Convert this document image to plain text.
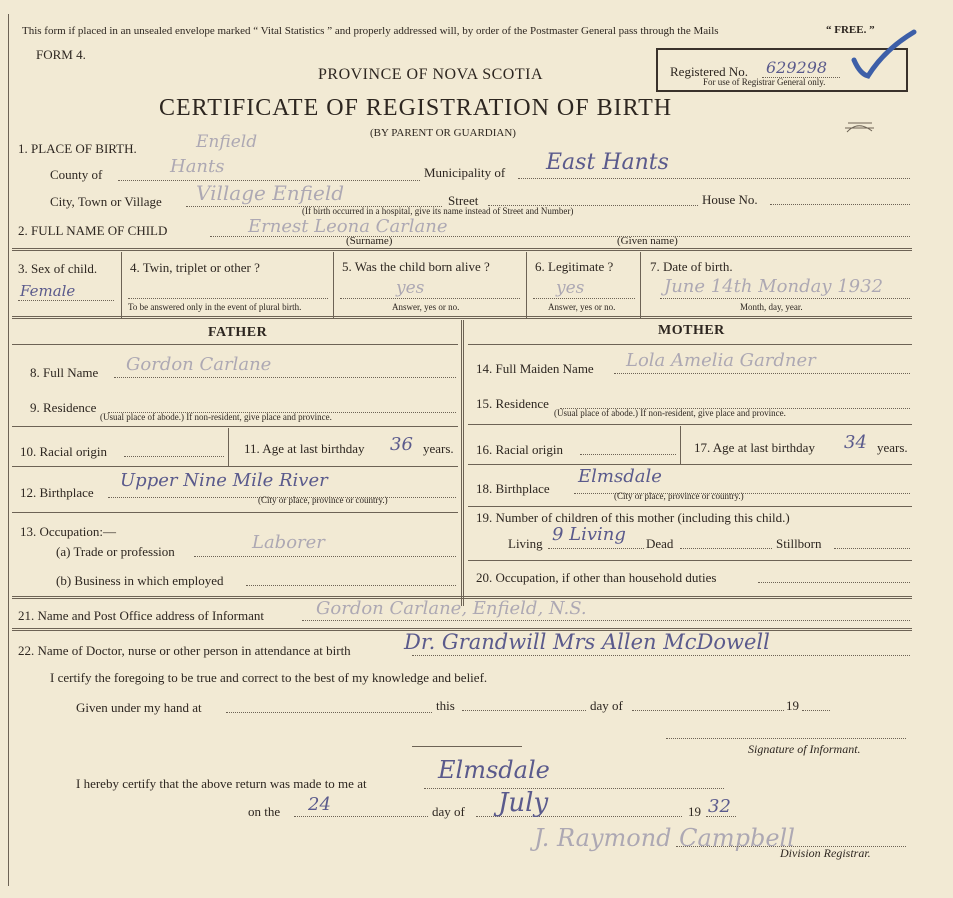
This form if placed in an unsealed envelope marked “ Vital Statistics ” and properly addressed will, by order of the Postmaster General pass through the Mails	“ FREE. ”
FORM 4.
PROVINCE OF NOVA SCOTIA
CERTIFICATE OF REGISTRATION OF BIRTH
(BY PARENT OR GUARDIAN)
Registered No. 629298
For use of Registrar General only.
1. PLACE OF BIRTH.	Enfield
County of	Hants	Municipality of East Hants
City, Town or Village Village Enfield	Street	House No.
(If birth occurred in a hospital, give its name instead of Street and Number)
2. FULL NAME OF CHILD	Ernest Leona Carlane
(Surname)	(Given name)
3. Sex of child.
Female
4. Twin, triplet or other ?
To be answered only in the event of plural birth.
5. Was the child born alive ?
yes
Answer, yes or no.
6. Legitimate ?
yes
Answer, yes or no.
7. Date of birth.
June 14th Monday 1932
Month, day, year.
FATHER	MOTHER
8. Full Name Gordon Carlane
9. Residence
(Usual place of abode.) If non-resident, give place and province.
10. Racial origin	11. Age at last birthday 36 years.
12. Birthplace
Upper Nine Mile River
(City or place, province or country.)
13. Occupation:—
(a) Trade or profession	Laborer
(b) Business in which employed
14. Full Maiden Name Lola Amelia Gardner
15. Residence
(Usual place of abode.) If non-resident, give place and province.
16. Racial origin	17. Age at last birthday 34 years.
18. Birthplace
Elmsdale
(City or place, province or country.)
19. Number of children of this mother (including this child.)
Living 9 Living Dead	Stillborn
20. Occupation, if other than household duties
21. Name and Post Office address of Informant	Gordon Carlane, Enfield, N.S.
22. Name of Doctor, nurse or other person in attendance at birth	Dr. Grandwill Mrs Allen McDowell
I certify the foregoing to be true and correct to the best of my knowledge and belief.
Given under my hand at	this	day of	19
Signature of Informant.
I hereby certify that the above return was made to me at	Elmsdale
on the 24	day of July	19 32
J. Raymond Campbell
Division Registrar.
